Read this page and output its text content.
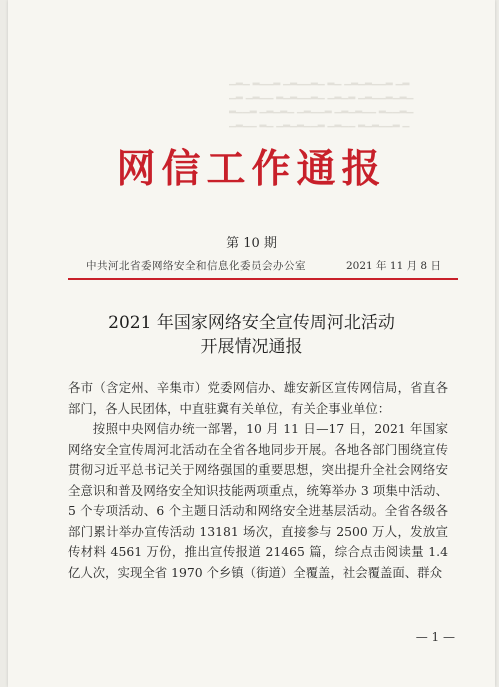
▁▂▁ ▂▁▁▂ ▁▂▁▁▂▁ ▂▁ ▁▂▁▂▁▁▂ ▁▂
▁▂ ▁▂▁▁ ▂▁▂▁▁▂▁ ▁▂▁▂ ▁▂▁▁▂▁▂▁
▂▁▁▂ ▁▂▁▂▁ ▁▂▁▁▂ ▁▂▁▂▁▁ ▂▁▁▂▁
▁▂▁▁ ▂▁ ▁▂▁▂▁▁▂ ▁▂▁▁ ▂▁▂▁▁▂ ▁
网信工作通报
第 10 期
中共河北省委网络安全和信息化委员会办公室	2021 年 11 月 8 日
2021 年国家网络安全宣传周河北活动
开展情况通报

各市（含定州、辛集市）党委网信办、雄安新区宣传网信局，省直各部门，各人民团体，中直驻冀有关单位，有关企事业单位：

按照中央网信办统一部署，10 月 11 日—17 日，2021 年国家网络安全宣传周河北活动在全省各地同步开展。各地各部门围绕宣传贯彻习近平总书记关于网络强国的重要思想，突出提升全社会网络安全意识和普及网络安全知识技能两项重点，统筹举办 3 项集中活动、5 个专项活动、6 个主题日活动和网络安全进基层活动。全省各级各部门累计举办宣传活动 13181 场次，直接参与 2500 万人，发放宣传材料 4561 万份，推出宣传报道 21465 篇，综合点击阅读量 1.4 亿人次，实现全省 1970 个乡镇（街道）全覆盖，社会覆盖面、群众

— 1 —
